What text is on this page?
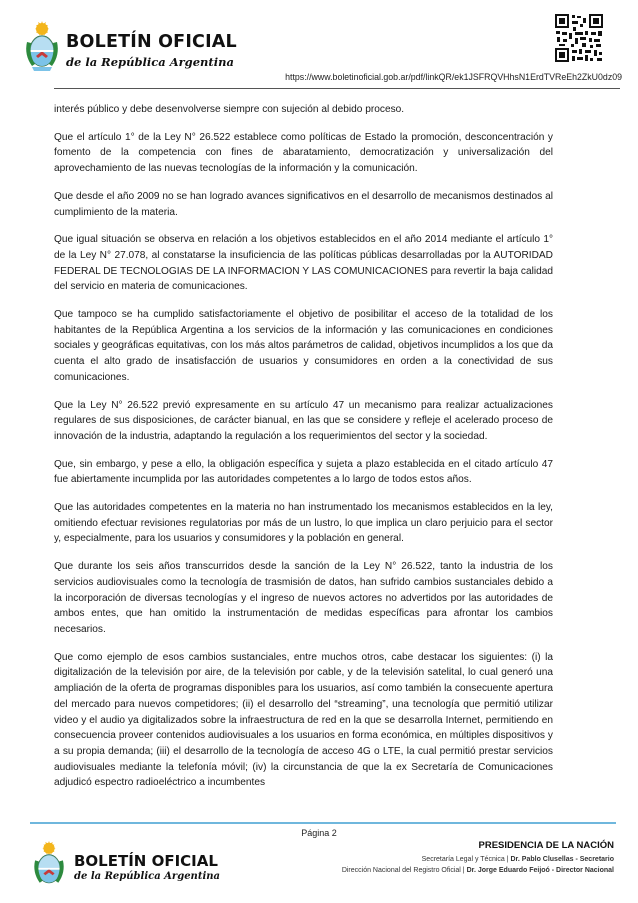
BOLETÍN OFICIAL
de la República Argentina
https://www.boletinoficial.gob.ar/pdf/linkQR/ek1JSFRQVHhsN1ErdTVReEh2ZkU0dz09

interés público y debe desenvolverse siempre con sujeción al debido proceso.

Que el artículo 1° de la Ley N° 26.522 establece como políticas de Estado la promoción, desconcentración y fomento de la competencia con fines de abaratamiento, democratización y universalización del aprovechamiento de las nuevas tecnologías de la información y la comunicación.

Que desde el año 2009 no se han logrado avances significativos en el desarrollo de mecanismos destinados al cumplimiento de la materia.

Que igual situación se observa en relación a los objetivos establecidos en el año 2014 mediante el artículo 1° de la Ley N° 27.078, al constatarse la insuficiencia de las políticas públicas desarrolladas por la AUTORIDAD FEDERAL DE TECNOLOGIAS DE LA INFORMACION Y LAS COMUNICACIONES para revertir la baja calidad del servicio en materia de comunicaciones.

Que tampoco se ha cumplido satisfactoriamente el objetivo de posibilitar el acceso de la totalidad de los habitantes de la República Argentina a los servicios de la información y las comunicaciones en condiciones sociales y geográficas equitativas, con los más altos parámetros de calidad, objetivos incumplidos a los que da cuenta el alto grado de insatisfacción de usuarios y consumidores en orden a la conectividad de sus comunicaciones.

Que la Ley N° 26.522 previó expresamente en su artículo 47 un mecanismo para realizar actualizaciones regulares de sus disposiciones, de carácter bianual, en las que se considere y refleje el acelerado proceso de innovación de la industria, adaptando la regulación a los requerimientos del sector y la sociedad.

Que, sin embargo, y pese a ello, la obligación específica y sujeta a plazo establecida en el citado artículo 47 fue abiertamente incumplida por las autoridades competentes a lo largo de todos estos años.

Que las autoridades competentes en la materia no han instrumentado los mecanismos establecidos en la ley, omitiendo efectuar revisiones regulatorias por más de un lustro, lo que implica un claro perjuicio para el sector y, especialmente, para los usuarios y consumidores y la población en general.

Que durante los seis años transcurridos desde la sanción de la Ley N° 26.522, tanto la industria de los servicios audiovisuales como la tecnología de trasmisión de datos, han sufrido cambios sustanciales debido a la incorporación de diversas tecnologías y el ingreso de nuevos actores no advertidos por las autoridades de ambos entes, que han omitido la instrumentación de medidas específicas para afrontar los cambios necesarios.

Que como ejemplo de esos cambios sustanciales, entre muchos otros, cabe destacar los siguientes: (i) la digitalización de la televisión por aire, de la televisión por cable, y de la televisión satelital, lo cual generó una ampliación de la oferta de programas disponibles para los usuarios, así como también la consecuente apertura del mercado para nuevos competidores; (ii) el desarrollo del “streaming”, una tecnología que permitió utilizar video y el audio ya digitalizados sobre la infraestructura de red en la que se desarrolla Internet, permitiendo en consecuencia proveer contenidos audiovisuales a los usuarios en forma económica, en múltiples dispositivos y a su propia demanda; (iii) el desarrollo de la tecnología de acceso 4G o LTE, la cual permitió prestar servicios audiovisuales mediante la telefonía móvil; (iv) la circunstancia de que la ex Secretaría de Comunicaciones adjudicó espectro radioeléctrico a incumbentes

Página 2
BOLETÍN OFICIAL
de la República Argentina
PRESIDENCIA DE LA NACIÓN
Secretaría Legal y Técnica | Dr. Pablo Clusellas - Secretario
Dirección Nacional del Registro Oficial | Dr. Jorge Eduardo Feijoó - Director Nacional
